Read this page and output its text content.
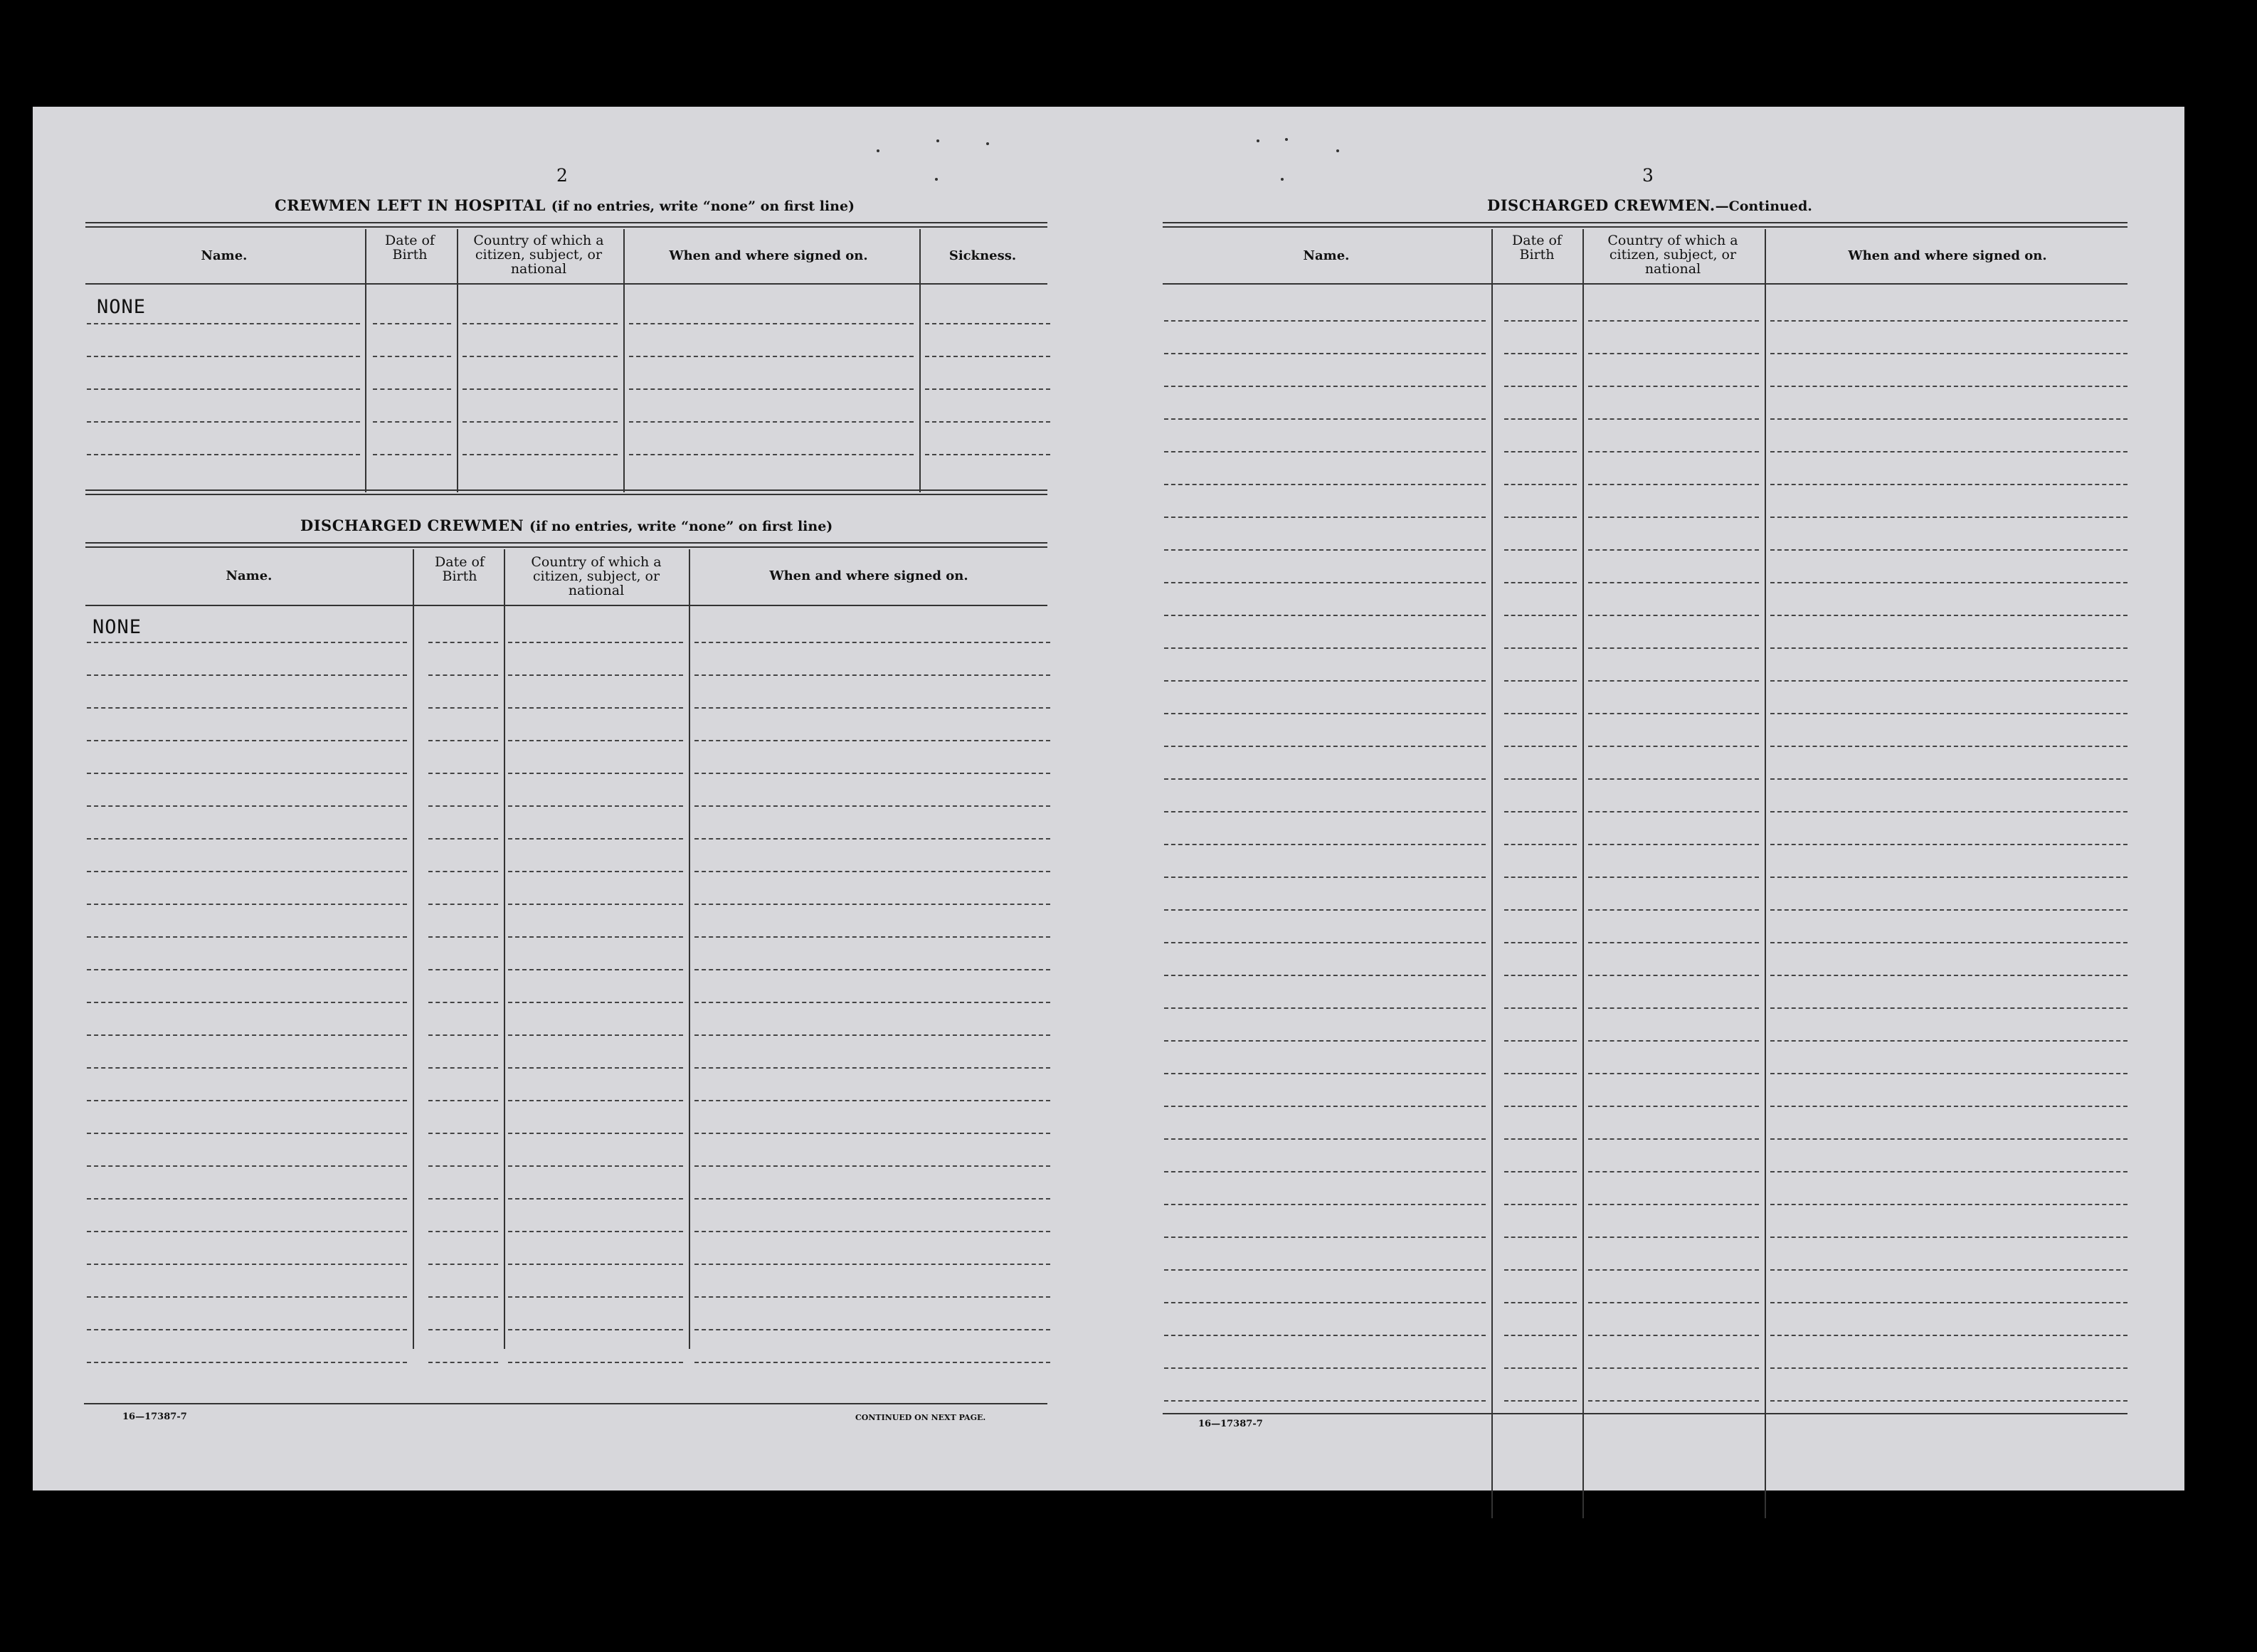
2
CREWMEN LEFT IN HOSPITAL (if no entries, write “none” on first line)
Name.
Date of Birth
Country of which a citizen, subject, or national
When and where signed on.	Sickness.
NONE
DISCHARGED CREWMEN (if no entries, write “none” on first line)
Name.
Date of Birth
Country of which a citizen, subject, or national
When and where signed on.
NONE
16—17387-7	CONTINUED ON NEXT PAGE.
3
DISCHARGED CREWMEN.—Continued.
Name.
Date of Birth
Country of which a citizen, subject, or national
When and where signed on.
16—17387-7
